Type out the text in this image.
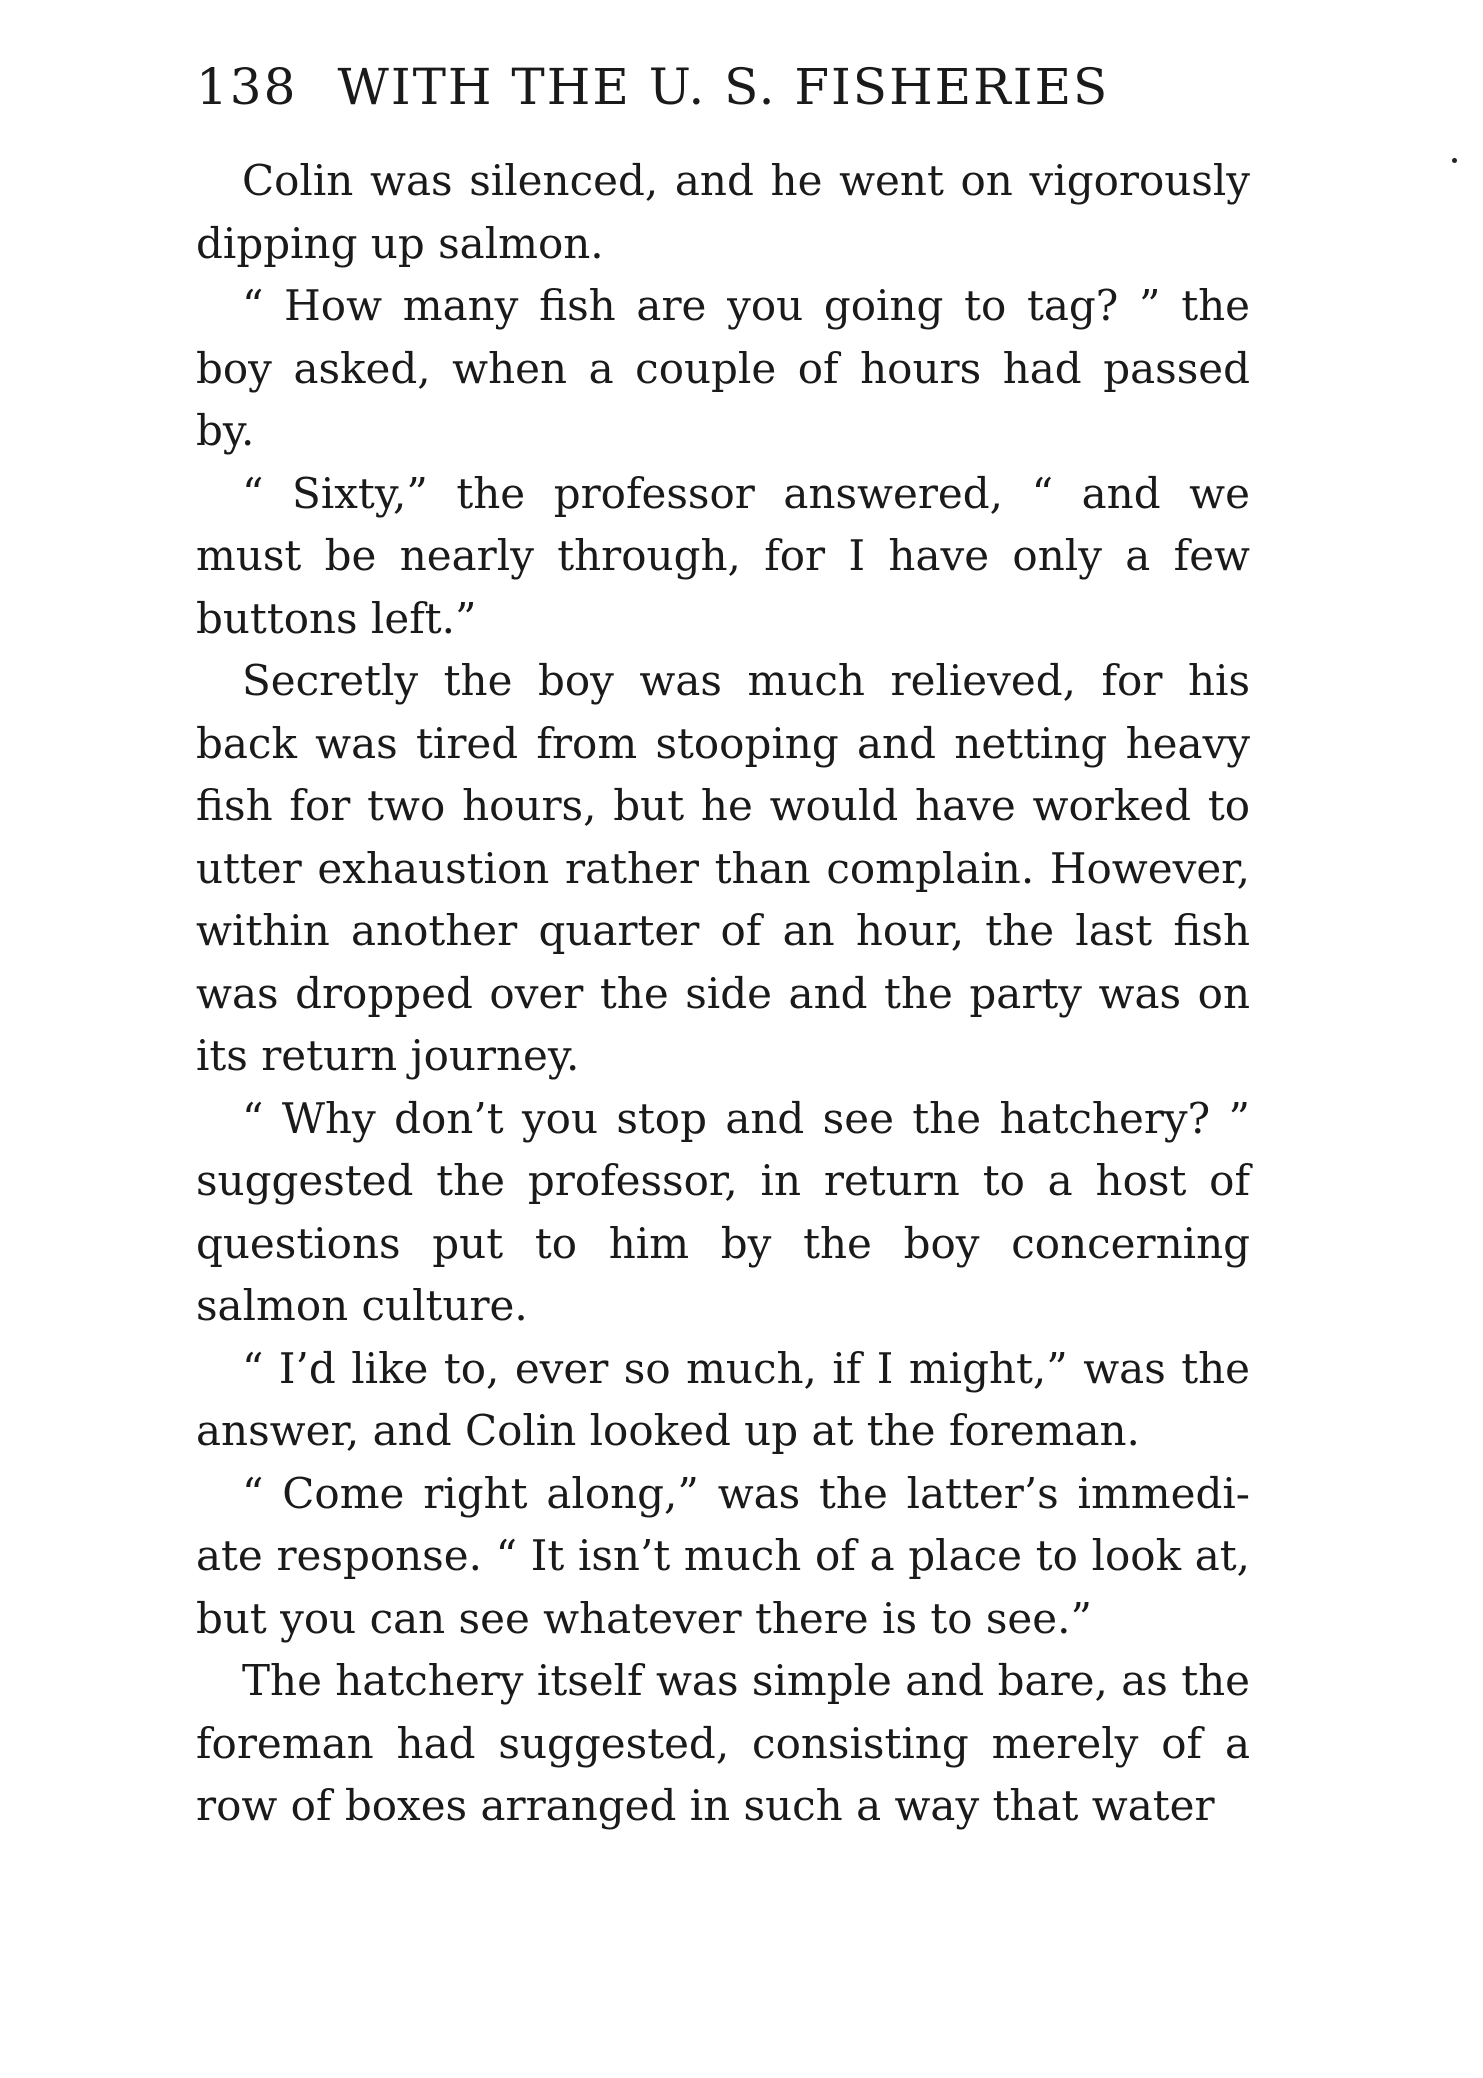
138 WITH THE U. S. FISHERIES

Colin was silenced, and he went on vigorously dipping up salmon.

“ How many fish are you going to tag? ” the boy asked, when a couple of hours had passed by.

“ Sixty,” the professor answered, “ and we must be nearly through, for I have only a few buttons left.”

Secretly the boy was much relieved, for his back was tired from stooping and netting heavy fish for two hours, but he would have worked to utter exhaustion rather than complain. However, within another quarter of an hour, the last fish was dropped over the side and the party was on its return journey.

“ Why don’t you stop and see the hatchery? ” suggested the professor, in return to a host of questions put to him by the boy concerning salmon culture.

“ I’d like to, ever so much, if I might,” was the answer, and Colin looked up at the foreman.

“ Come right along,” was the latter’s immedi-ate response. “ It isn’t much of a place to look at, but you can see whatever there is to see.”

The hatchery itself was simple and bare, as the foreman had suggested, consisting merely of a row of boxes arranged in such a way that water
